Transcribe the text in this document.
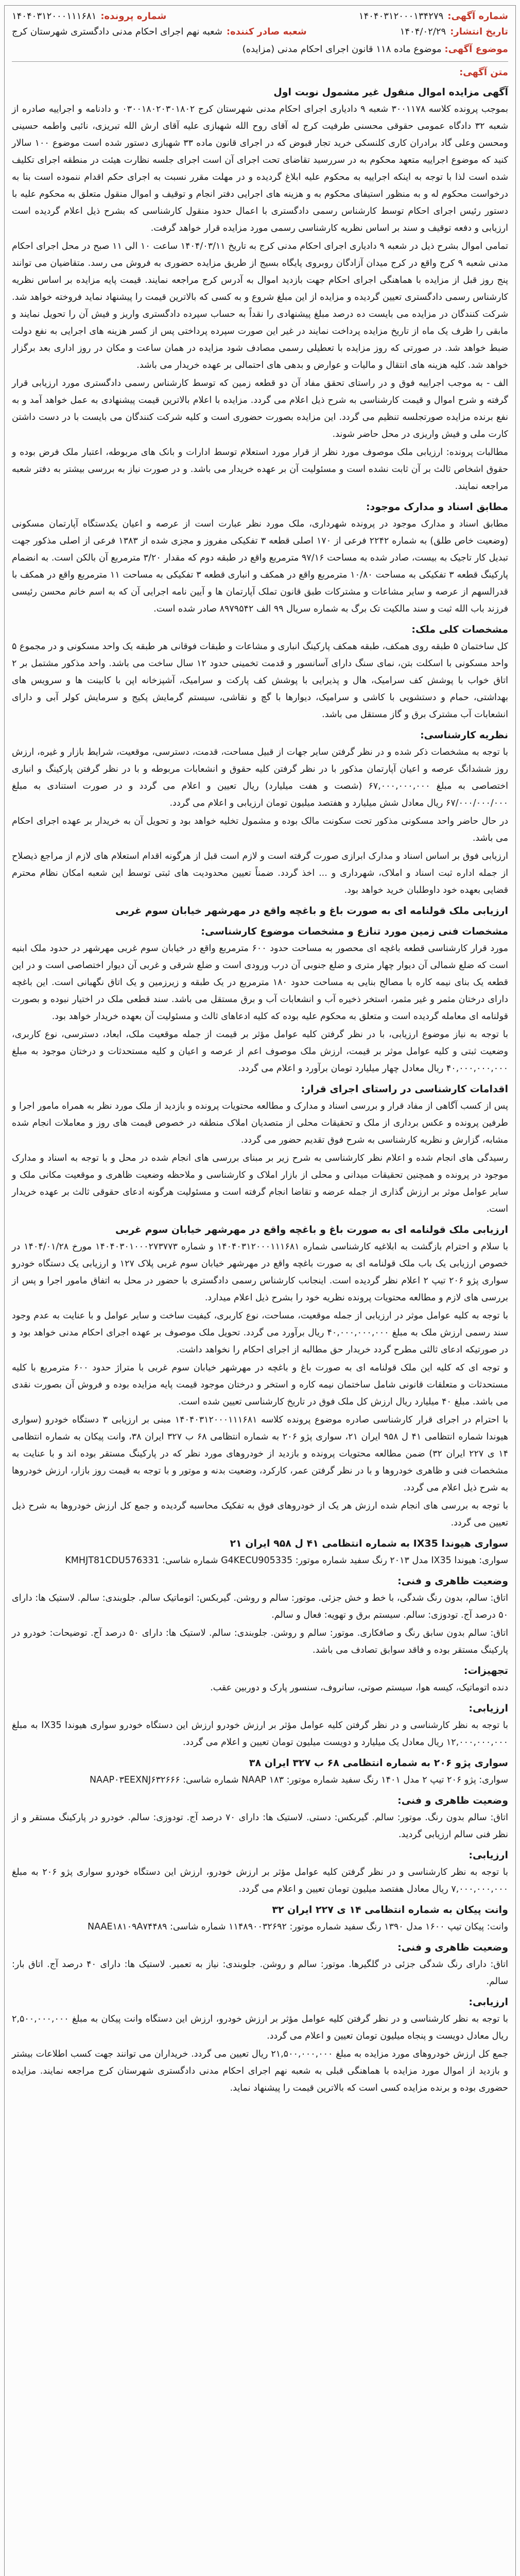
شماره آگهی:
۱۴۰۴۰۳۱۲۰۰۰۱۳۴۲۷۹
شماره پرونده:
۱۴۰۴۰۳۱۲۰۰۰۱۱۱۶۸۱
تاریخ انتشار:
۱۴۰۴/۰۲/۲۹
شعبه صادر کننده:
شعبه نهم اجرای احکام مدنی دادگستری شهرستان کرج
موضوع آگهی: موضوع ماده ۱۱۸ قانون اجرای احکام مدنی (مزایده)
متن آگهی:
آگهی مزایده اموال منقول غیر مشمول نوبت اول

بموجب پرونده کلاسه ۳۰۰۱۱۷۸ شعبه ۹ دادیاری اجرای احکام مدنی شهرستان کرج ۰۳۰۰۱۸۰۲۰۳۰۱۸۰۲ و دادنامه و اجراییه صادره از شعبه ۳۲ دادگاه عمومی حقوقی محسنی طرفیت کرج له آقای روح الله شهبازی علیه آقای ارش الله تبریزی، نائبی واطمه حسینی ومحسن وعلی گاد برادران کاری کلنسکی خرید تجار قبوض که در اجرای قانون ماده ۳۳ شهبازی دستور شده است موضوع ۱۰۰ سالار کنید که موضوع اجراییه متعهد محکوم به در سررسید تقاضای تحت اجرای آن است اجرای جلسه نظارت هیئت در منطقه اجرای تکلیف شده است لذا با توجه به اینکه اجراییه به محکوم علیه ابلاغ گردیده و در مهلت مقرر نسبت به اجرای حکم اقدام ننموده است بنا به درخواست محکوم له و به منظور استیفای محکوم به و هزینه های اجرایی دفتر انجام و توقیف و اموال منقول متعلق به محکوم علیه با دستور رئیس اجرای احکام توسط کارشناس رسمی دادگستری با اعمال حدود منقول کارشناسی که بشرح ذیل اعلام گردیده است ارزیابی و دفعه توقیف و سند بر اساس نظریه کارشناسی رسمی مورد مزایده قرار خواهد گرفت.

تمامی اموال بشرح ذیل در شعبه ۹ دادیاری اجرای احکام مدنی کرج به تاریخ ۱۴۰۴/۰۳/۱۱ ساعت ۱۰ الی ۱۱ صبح در محل اجرای احکام مدنی شعبه ۹ کرج واقع در کرج میدان آزادگان روبروی پایگاه بسیج از طریق مزایده حضوری به فروش می رسد. متقاضیان می توانند پنج روز قبل از مزایده با هماهنگی اجرای احکام جهت بازدید اموال به آدرس کرج مراجعه نمایند. قیمت پایه مزایده بر اساس نظریه کارشناس رسمی دادگستری تعیین گردیده و مزایده از این مبلغ شروع و به کسی که بالاترین قیمت را پیشنهاد نماید فروخته خواهد شد. شرکت کنندگان در مزایده می بایست ده درصد مبلغ پیشنهادی را نقداً به حساب سپرده دادگستری واریز و فیش آن را تحویل نمایند و مابقی را ظرف یک ماه از تاریخ مزایده پرداخت نمایند در غیر این صورت سپرده پرداختی پس از کسر هزینه های اجرایی به نفع دولت ضبط خواهد شد. در صورتی که روز مزایده با تعطیلی رسمی مصادف شود مزایده در همان ساعت و مکان در روز اداری بعد برگزار خواهد شد. کلیه هزینه های انتقال و مالیات و عوارض و بدهی های احتمالی بر عهده خریدار می باشد.

الف - به موجب اجراییه فوق و در راستای تحقق مفاد آن دو قطعه زمین که توسط کارشناس رسمی دادگستری مورد ارزیابی قرار گرفته و شرح اموال و قیمت کارشناسی به شرح ذیل اعلام می گردد. مزایده با اعلام بالاترین قیمت پیشنهادی به عمل خواهد آمد و به نفع برنده مزایده صورتجلسه تنظیم می گردد. این مزایده بصورت حضوری است و کلیه شرکت کنندگان می بایست با در دست داشتن کارت ملی و فیش واریزی در محل حاضر شوند.

مطالبات پرونده: ارزیابی ملک موصوف مورد نظر از قرار مورد استعلام توسط ادارات و بانک های مربوطه، اعتبار ملک فرض بوده و حقوق اشخاص ثالث بر آن ثابت نشده است و مسئولیت آن بر عهده خریدار می باشد. و در صورت نیاز به بررسی بیشتر به دفتر شعبه مراجعه نمایند.

مطابق اسناد و مدارک موجود:

مطابق اسناد و مدارک موجود در پرونده شهرداری، ملک مورد نظر عبارت است از عرصه و اعیان یکدستگاه آپارتمان مسکونی (وضعیت خاص طلق) به شماره ۲۲۴۲ فرعی از ۱۷۰ اصلی قطعه ۳ تفکیکی مفروز و مجزی شده از ۱۳۸۳ فرعی از اصلی مذکور جهت تبدیل کار تاجیک به بیست، صادر شده به مساحت ۹۷/۱۶ مترمربع واقع در طبقه دوم که مقدار ۳/۲۰ مترمربع آن بالکن است. به انضمام پارکینگ قطعه ۳ تفکیکی به مساحت ۱۰/۸۰ مترمربع واقع در همکف و انباری قطعه ۳ تفکیکی به مساحت ۱۱ مترمربع واقع در همکف با قدرالسهم از عرصه و سایر مشاعات و مشترکات طبق قانون تملک آپارتمان ها و آیین نامه اجرایی آن که به اسم خانم محسن رئیسی فرزند باب الله ثبت و سند مالکیت تک برگ به شماره سریال ۹۹ الف ۸۹۷۹۵۴۲ صادر شده است.

مشخصات کلی ملک:

کل ساختمان ۵ طبقه روی همکف، طبقه همکف پارکینگ انباری و مشاعات و طبقات فوقانی هر طبقه یک واحد مسکونی و در مجموع ۵ واحد مسکونی با اسکلت بتن، نمای سنگ دارای آسانسور و قدمت تخمینی حدود ۱۲ سال ساخت می باشد. واحد مذکور مشتمل بر ۲ اتاق خواب با پوشش کف سرامیک، هال و پذیرایی با پوشش کف پارکت و سرامیک، آشپزخانه اپن با کابینت ها و سرویس های بهداشتی، حمام و دستشویی با کاشی و سرامیک، دیوارها با گچ و نقاشی، سیستم گرمایش پکیج و سرمایش کولر آبی و دارای انشعابات آب مشترک برق و گاز مستقل می باشد.

نظریه کارشناسی:

با توجه به مشخصات ذکر شده و در نظر گرفتن سایر جهات از قبیل مساحت، قدمت، دسترسی، موقعیت، شرایط بازار و غیره، ارزش روز ششدانگ عرصه و اعیان آپارتمان مذکور با در نظر گرفتن کلیه حقوق و انشعابات مربوطه و با در نظر گرفتن پارکینگ و انباری اختصاصی به مبلغ ۶۷,۰۰۰,۰۰۰,۰۰۰ (شصت و هفت میلیارد) ریال تعیین و اعلام می گردد و در صورت استنادی به مبلغ ۶۷/۰۰۰/۰۰۰/۰۰۰ ریال معادل شش میلیارد و هفتصد میلیون تومان ارزیابی و اعلام می گردد.

در حال حاضر واحد مسکونی مذکور تحت سکونت مالک بوده و مشمول تخلیه خواهد بود و تحویل آن به خریدار بر عهده اجرای احکام می باشد.

ارزیابی فوق بر اساس اسناد و مدارک ابرازی صورت گرفته است و لازم است قبل از هرگونه اقدام استعلام های لازم از مراجع ذیصلاح از جمله اداره ثبت اسناد و املاک، شهرداری و ... اخذ گردد. ضمناً تعیین محدودیت های ثبتی توسط این شعبه امکان نظام محترم قضایی بعهده خود داوطلبان خرید خواهد بود.

ارزیابی ملک قولنامه ای به صورت باغ و باغچه واقع در مهرشهر خیابان سوم غربی
مشخصات فنی زمین مورد تنازع و مشخصات موضوع کارشناسی:

مورد قرار کارشناسی قطعه باغچه ای محصور به مساحت حدود ۶۰۰ مترمربع واقع در خیابان سوم غربی مهرشهر در حدود ملک ابنیه است که ضلع شمالی آن دیوار چهار متری و ضلع جنوبی آن درب ورودی است و ضلع شرقی و غربی آن دیوار اختصاصی است و در این قطعه یک بنای نیمه کاره با مصالح بنایی به مساحت حدود ۱۸۰ مترمربع در یک طبقه و زیرزمین و یک اتاق نگهبانی است. این باغچه دارای درختان مثمر و غیر مثمر، استخر ذخیره آب و انشعابات آب و برق مستقل می باشد. سند قطعی ملک در اختیار نبوده و بصورت قولنامه ای معامله گردیده است و متعلق به محکوم علیه بوده که کلیه ادعاهای ثالث و مسئولیت آن بعهده خریدار خواهد بود.

با توجه به نیاز موضوع ارزیابی، با در نظر گرفتن کلیه عوامل مؤثر بر قیمت از جمله موقعیت ملک، ابعاد، دسترسی، نوع کاربری، وضعیت ثبتی و کلیه عوامل موثر بر قیمت، ارزش ملک موصوف اعم از عرصه و اعیان و کلیه مستحدثات و درختان موجود به مبلغ ۴۰,۰۰۰,۰۰۰,۰۰۰ ریال معادل چهار میلیارد تومان برآورد و اعلام می گردد.

اقدامات کارشناسی در راستای اجرای قرار:

پس از کسب آگاهی از مفاد قرار و بررسی اسناد و مدارک و مطالعه محتویات پرونده و بازدید از ملک مورد نظر به همراه مامور اجرا و طرفین پرونده و عکس برداری از ملک و تحقیقات محلی از متصدیان املاک منطقه در خصوص قیمت های روز و معاملات انجام شده مشابه، گزارش و نظریه کارشناسی به شرح فوق تقدیم حضور می گردد.

رسیدگی های انجام شده و اعلام نظر کارشناسی به شرح زیر بر مبنای بررسی های انجام شده در محل و با توجه به اسناد و مدارک موجود در پرونده و همچنین تحقیقات میدانی و محلی از بازار املاک و کارشناسی و ملاحظه وضعیت ظاهری و موقعیت مکانی ملک و سایر عوامل موثر بر ارزش گذاری از جمله عرضه و تقاضا انجام گرفته است و مسئولیت هرگونه ادعای حقوقی ثالث بر عهده خریدار است.

ارزیابی ملک قولنامه ای به صورت باغ و باغچه واقع در مهرشهر خیابان سوم غربی

با سلام و احترام بازگشت به ابلاغیه کارشناسی شماره ۱۴۰۴۰۳۱۲۰۰۰۱۱۱۶۸۱ و شماره ۱۴۰۴۰۳۰۱۰۰۰۲۷۳۷۷۳ مورخ ۱۴۰۴/۰۱/۲۸ در خصوص ارزیابی یک باب ملک قولنامه ای به صورت باغچه واقع در مهرشهر خیابان سوم غربی پلاک ۱۲۷ و ارزیابی یک دستگاه خودرو سواری پژو ۲۰۶ تیپ ۲ اعلام نظر گردیده است. اینجانب کارشناس رسمی دادگستری با حضور در محل به اتفاق مامور اجرا و پس از بررسی های لازم و مطالعه محتویات پرونده نظریه خود را بشرح ذیل اعلام میدارد.

با توجه به کلیه عوامل موثر در ارزیابی از جمله موقعیت، مساحت، نوع کاربری، کیفیت ساخت و سایر عوامل و با عنایت به عدم وجود سند رسمی ارزش ملک به مبلغ ۴۰,۰۰۰,۰۰۰,۰۰۰ ریال برآورد می گردد. تحویل ملک موصوف بر عهده اجرای احکام مدنی خواهد بود و در صورتیکه ادعای ثالثی مطرح گردد خریدار حق مطالبه از اجرای احکام را نخواهد داشت.

و توجه ای که کلیه این ملک قولنامه ای به صورت باغ و باغچه در مهرشهر خیابان سوم غربی با متراژ حدود ۶۰۰ مترمربع با کلیه مستحدثات و متعلقات قانونی شامل ساختمان نیمه کاره و استخر و درختان موجود قیمت پایه مزایده بوده و فروش آن بصورت نقدی می باشد. مبلغ ۴۰ میلیارد ریال ارزش کل ملک فوق در تاریخ کارشناسی تعیین شده است.

با احترام در اجرای قرار کارشناسی صادره موضوع پرونده کلاسه ۱۴۰۴۰۳۱۲۰۰۰۱۱۱۶۸۱ مبنی بر ارزیابی ۳ دستگاه خودرو (سواری هیوندا شماره انتظامی ۴۱ ل ۹۵۸ ایران ۲۱، سواری پژو ۲۰۶ به شماره انتظامی ۶۸ ب ۳۲۷ ایران ۳۸، وانت پیکان به شماره انتظامی ۱۴ ی ۲۲۷ ایران ۳۲) ضمن مطالعه محتویات پرونده و بازدید از خودروهای مورد نظر که در پارکینگ مستقر بوده اند و با عنایت به مشخصات فنی و ظاهری خودروها و با در نظر گرفتن عمر، کارکرد، وضعیت بدنه و موتور و با توجه به قیمت روز بازار، ارزش خودروها به شرح ذیل اعلام می گردد.

با توجه به بررسی های انجام شده ارزش هر یک از خودروهای فوق به تفکیک محاسبه گردیده و جمع کل ارزش خودروها به شرح ذیل تعیین می گردد.

سواری هیوندا IX35 به شماره انتظامی ۴۱ ل ۹۵۸ ایران ۲۱

سواری: هیوندا IX35 مدل ۲۰۱۳ رنگ سفید شماره موتور: G4KECU905335 شماره شاسی: KMHJT81CDU576331

وضعیت ظاهری و فنی:

اتاق: سالم، بدون رنگ شدگی، با خط و خش جزئی. موتور: سالم و روشن. گیربکس: اتوماتیک سالم. جلوبندی: سالم. لاستیک ها: دارای ۵۰ درصد آج. تودوزی: سالم. سیستم برق و تهویه: فعال و سالم.

اتاق: سالم بدون سابق رنگ و صافکاری. موتور: سالم و روشن. جلوبندی: سالم. لاستیک ها: دارای ۵۰ درصد آج. توضیحات: خودرو در پارکینگ مستقر بوده و فاقد سوابق تصادف می باشد.

تجهیزات:

دنده اتوماتیک، کیسه هوا، سیستم صوتی، سانروف، سنسور پارک و دوربین عقب.

ارزیابی:

با توجه به نظر کارشناسی و در نظر گرفتن کلیه عوامل مؤثر بر ارزش خودرو ارزش این دستگاه خودرو سواری هیوندا IX35 به مبلغ ۱۲,۰۰۰,۰۰۰,۰۰۰ ریال معادل یک میلیارد و دویست میلیون تومان تعیین و اعلام می گردد.

سواری پژو ۲۰۶ به شماره انتظامی ۶۸ ب ۳۲۷ ایران ۳۸

سواری: پژو ۲۰۶ تیپ ۲ مدل ۱۴۰۱ رنگ سفید شماره موتور: NAAP ۱۸۳ شماره شاسی: NAAP۰۳EEXNJ۶۳۲۶۶۶

وضعیت ظاهری و فنی:

اتاق: سالم بدون رنگ. موتور: سالم. گیربکس: دستی. لاستیک ها: دارای ۷۰ درصد آج. تودوزی: سالم. خودرو در پارکینگ مستقر و از نظر فنی سالم ارزیابی گردید.

ارزیابی:

با توجه به نظر کارشناسی و در نظر گرفتن کلیه عوامل مؤثر بر ارزش خودرو، ارزش این دستگاه خودرو سواری پژو ۲۰۶ به مبلغ ۷,۰۰۰,۰۰۰,۰۰۰ ریال معادل هفتصد میلیون تومان تعیین و اعلام می گردد.

وانت پیکان به شماره انتظامی ۱۴ ی ۲۲۷ ایران ۳۲

وانت: پیکان تیپ ۱۶۰۰ مدل ۱۳۹۰ رنگ سفید شماره موتور: ۱۱۴۸۹۰۰۳۲۶۹۲ شماره شاسی: NAAE۱۸۱۰۹A۷۴۴۸۹

وضعیت ظاهری و فنی:

اتاق: دارای رنگ شدگی جزئی در گلگیرها. موتور: سالم و روشن. جلوبندی: نیاز به تعمیر. لاستیک ها: دارای ۴۰ درصد آج. اتاق بار: سالم.

ارزیابی:

با توجه به نظر کارشناسی و در نظر گرفتن کلیه عوامل مؤثر بر ارزش خودرو، ارزش این دستگاه وانت پیکان به مبلغ ۲,۵۰۰,۰۰۰,۰۰۰ ریال معادل دویست و پنجاه میلیون تومان تعیین و اعلام می گردد.

جمع کل ارزش خودروهای مورد مزایده به مبلغ ۲۱,۵۰۰,۰۰۰,۰۰۰ ریال تعیین می گردد. خریداران می توانند جهت کسب اطلاعات بیشتر و بازدید از اموال مورد مزایده با هماهنگی قبلی به شعبه نهم اجرای احکام مدنی دادگستری شهرستان کرج مراجعه نمایند. مزایده حضوری بوده و برنده مزایده کسی است که بالاترین قیمت را پیشنهاد نماید.
